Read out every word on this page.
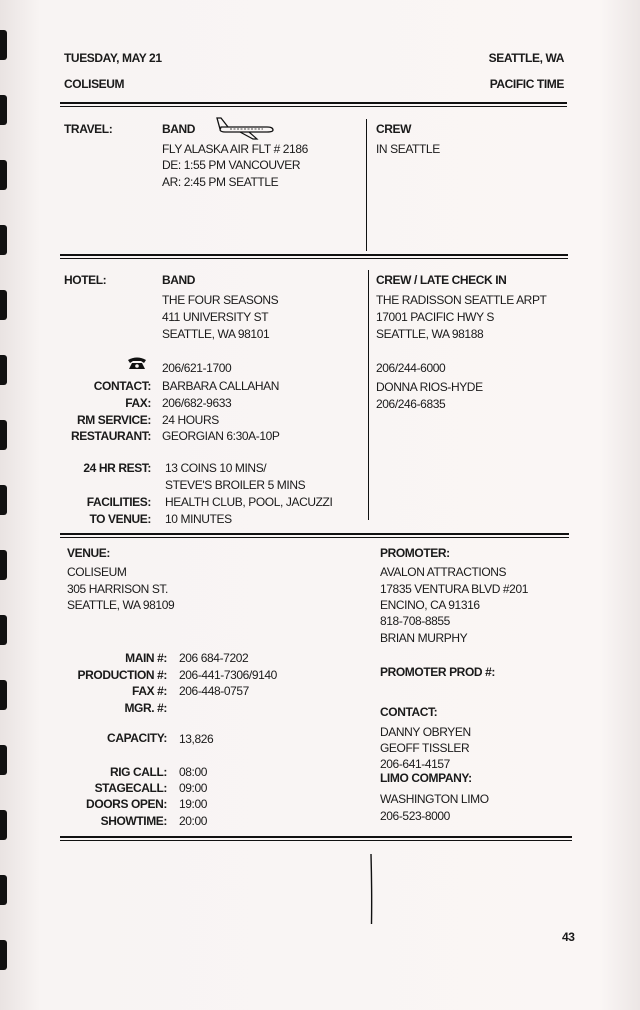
TUESDAY, MAY 21	SEATTLE, WA
COLISEUM	PACIFIC TIME
TRAVEL:	BAND
FLY ALASKA AIR FLT # 2186
DE: 1:55 PM VANCOUVER
AR: 2:45 PM SEATTLE
CREW
IN SEATTLE
HOTEL:	BAND
THE FOUR SEASONS
411 UNIVERSITY ST
SEATTLE, WA 98101
206/621-1700
CONTACT: BARBARA CALLAHAN
FAX: 206/682-9633
RM SERVICE: 24 HOURS
RESTAURANT: GEORGIAN 6:30A-10P
24 HR REST: 13 COINS 10 MINS/
STEVE'S BROILER 5 MINS
FACILITIES: HEALTH CLUB, POOL, JACUZZI
TO VENUE: 10 MINUTES
CREW / LATE CHECK IN
THE RADISSON SEATTLE ARPT
17001 PACIFIC HWY S
SEATTLE, WA 98188
206/244-6000
DONNA RIOS-HYDE
206/246-6835
VENUE:
COLISEUM
305 HARRISON ST.
SEATTLE, WA 98109
MAIN #: 206 684-7202
PRODUCTION #: 206-441-7306/9140
FAX #: 206-448-0757
MGR. #:
CAPACITY: 13,826
RIG CALL: 08:00
STAGECALL: 09:00
DOORS OPEN: 19:00
SHOWTIME: 20:00
PROMOTER:
AVALON ATTRACTIONS
17835 VENTURA BLVD #201
ENCINO, CA 91316
818-708-8855
BRIAN MURPHY
PROMOTER PROD #:
CONTACT:
DANNY OBRYEN
GEOFF TISSLER
206-641-4157
LIMO COMPANY:
WASHINGTON LIMO
206-523-8000
43
